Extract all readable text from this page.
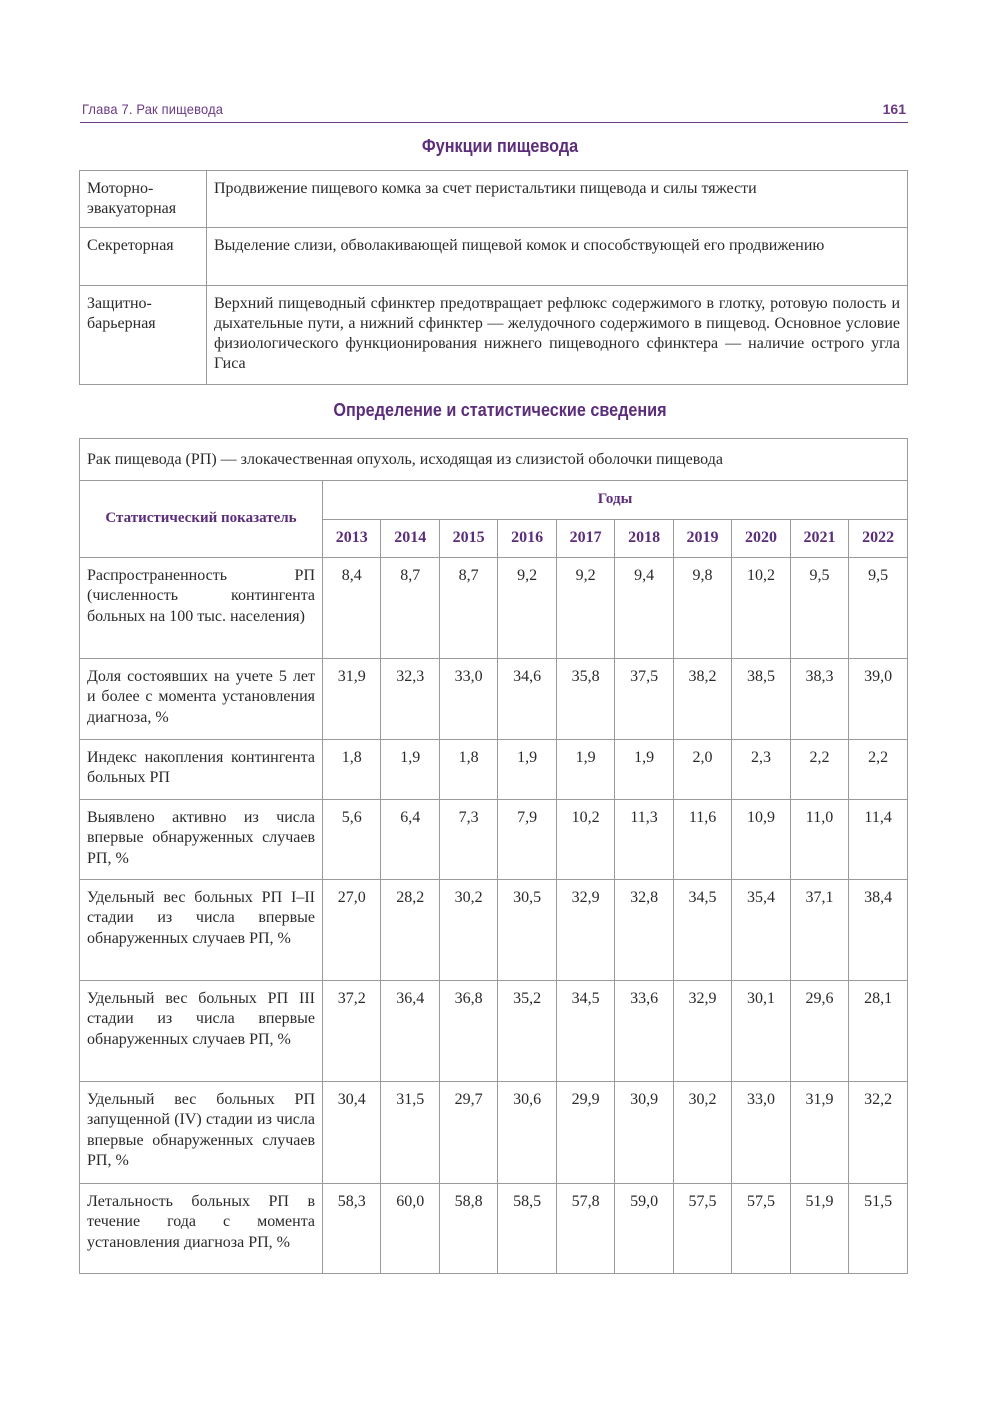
Глава 7. Рак пищевода	161
Функции пищевода
Моторно-эвакуаторная	Продвижение пищевого комка за счет перистальтики пищевода и силы тяжести
Секреторная	Выделение слизи, обволакивающей пищевой комок и способствующей его продвижению
Защитно-барьерная	Верхний пищеводный сфинктер предотвращает рефлюкс содержимого в глотку, ротовую полость и дыхательные пути, а нижний сфинктер — желудочного содержимого в пищевод. Основное условие физиологического функционирования нижнего пищеводного сфинктера — наличие острого угла Гиса
Определение и статистические сведения
Рак пищевода (РП) — злокачественная опухоль, исходящая из слизистой оболочки пищевода										
Статистический показатель	Годы									
	2013	2014	2015	2016	2017	2018	2019	2020	2021	2022
Распространенность РП (численность контингента больных на 100 тыс. населения)	8,4	8,7	8,7	9,2	9,2	9,4	9,8	10,2	9,5	9,5
Доля состоявших на учете 5 лет и более с момента установления диагноза, %	31,9	32,3	33,0	34,6	35,8	37,5	38,2	38,5	38,3	39,0
Индекс накопления контингента больных РП	1,8	1,9	1,8	1,9	1,9	1,9	2,0	2,3	2,2	2,2
Выявлено активно из числа впервые обнаруженных случаев РП, %	5,6	6,4	7,3	7,9	10,2	11,3	11,6	10,9	11,0	11,4
Удельный вес больных РП I–II стадии из числа впервые обнаруженных случаев РП, %	27,0	28,2	30,2	30,5	32,9	32,8	34,5	35,4	37,1	38,4
Удельный вес больных РП III стадии из числа впервые обнаруженных случаев РП, %	37,2	36,4	36,8	35,2	34,5	33,6	32,9	30,1	29,6	28,1
Удельный вес больных РП запущенной (IV) стадии из числа впервые обнаруженных случаев РП, %	30,4	31,5	29,7	30,6	29,9	30,9	30,2	33,0	31,9	32,2
Летальность больных РП в течение года с момента установления диагноза РП, %	58,3	60,0	58,8	58,5	57,8	59,0	57,5	57,5	51,9	51,5
